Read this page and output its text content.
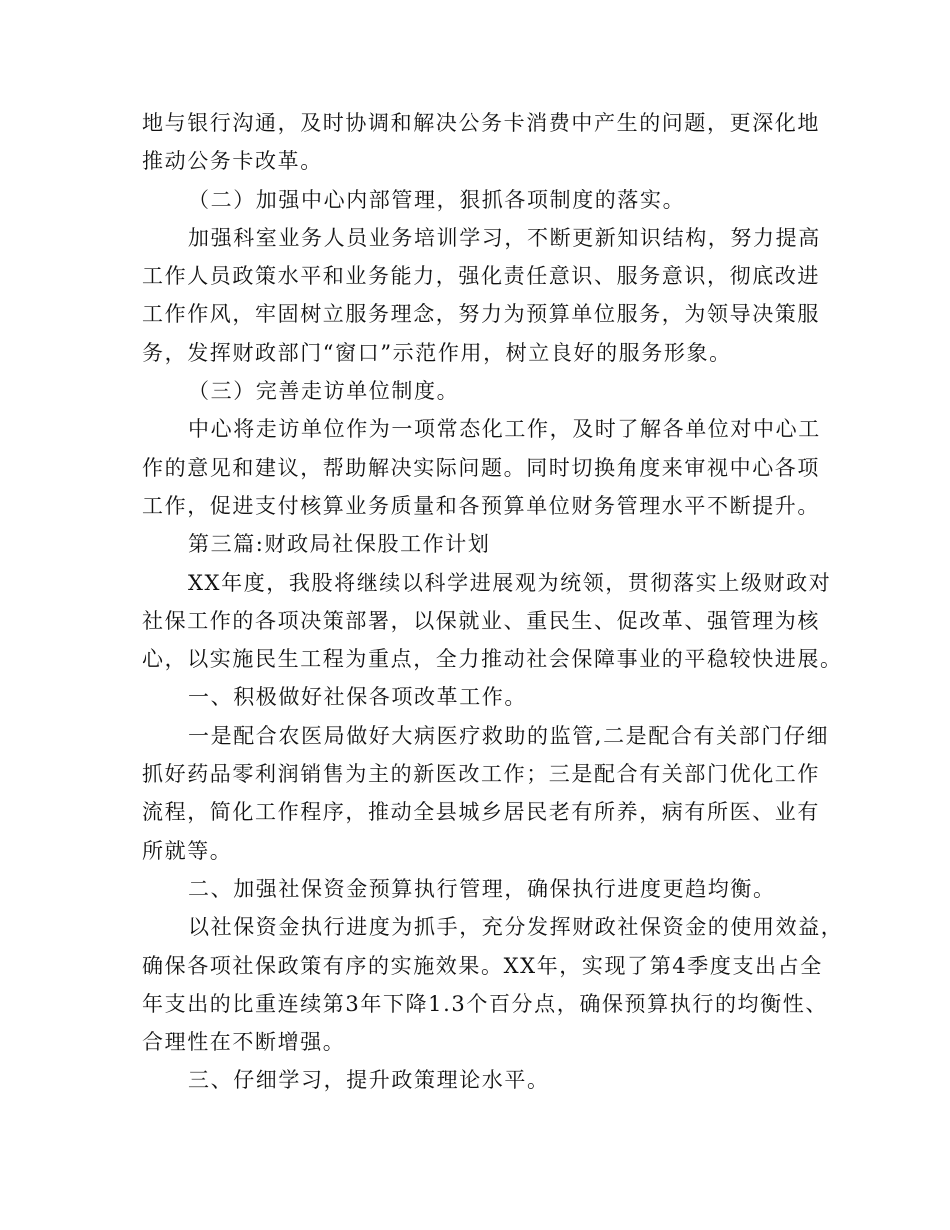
地与银行沟通，及时协调和解决公务卡消费中产生的问题，更深化地
推动公务卡改革。
（二）加强中心内部管理，狠抓各项制度的落实。
加强科室业务人员业务培训学习，不断更新知识结构，努力提高
工作人员政策水平和业务能力，强化责任意识、服务意识，彻底改进
工作作风，牢固树立服务理念，努力为预算单位服务，为领导决策服
务，发挥财政部门“窗口”示范作用，树立良好的服务形象。
（三）完善走访单位制度。
中心将走访单位作为一项常态化工作，及时了解各单位对中心工
作的意见和建议，帮助解决实际问题。同时切换角度来审视中心各项
工作，促进支付核算业务质量和各预算单位财务管理水平不断提升。
第三篇:财政局社保股工作计划
XX年度，我股将继续以科学进展观为统领，贯彻落实上级财政对
社保工作的各项决策部署，以保就业、重民生、促改革、强管理为核
心，以实施民生工程为重点，全力推动社会保障事业的平稳较快进展。
一、积极做好社保各项改革工作。
一是配合农医局做好大病医疗救助的监管,二是配合有关部门仔细
抓好药品零利润销售为主的新医改工作；三是配合有关部门优化工作
流程，简化工作程序，推动全县城乡居民老有所养，病有所医、业有
所就等。
二、加强社保资金预算执行管理，确保执行进度更趋均衡。
以社保资金执行进度为抓手，充分发挥财政社保资金的使用效益，
确保各项社保政策有序的实施效果。XX年，实现了第4季度支出占全
年支出的比重连续第3年下降1.3个百分点，确保预算执行的均衡性、
合理性在不断增强。
三、仔细学习，提升政策理论水平。
